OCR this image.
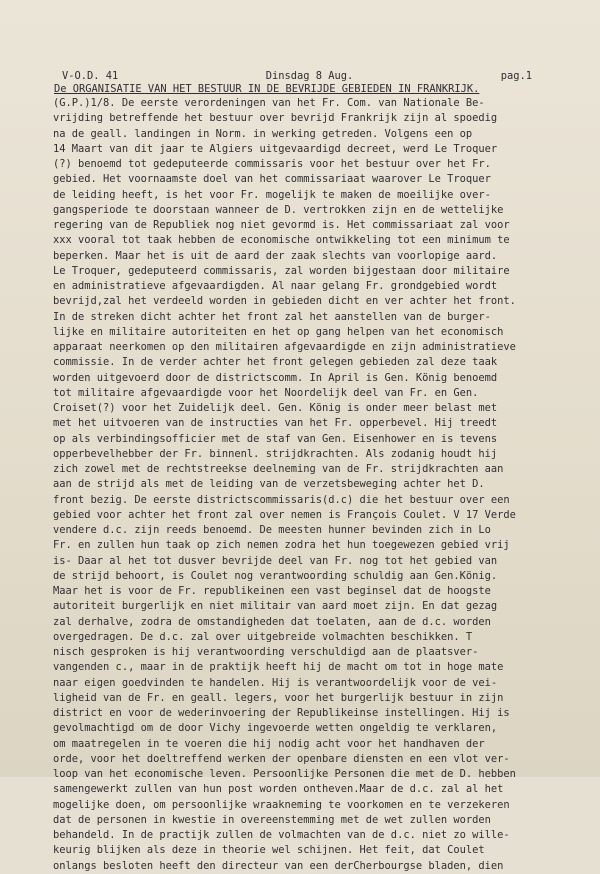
V-O.D. 41	Dinsdag 8 Aug.	pag.1
De ORGANISATIE VAN HET BESTUUR IN DE BEVRIJDE GEBIEDEN IN FRANKRIJK.
(G.P.)1/8. De eerste verordeningen van het Fr. Com. van Nationale Be-
vrijding betreffende het bestuur over bevrijd Frankrijk zijn al spoedig
na de geall. landingen in Norm. in werking getreden. Volgens een op
14 Maart van dit jaar te Algiers uitgevaardigd decreet, werd Le Troquer
(?) benoemd tot gedeputeerde commissaris voor het bestuur over het Fr.
gebied. Het voornaamste doel van het commissariaat waarover Le Troquer
de leiding heeft, is het voor Fr. mogelijk te maken de moeilijke over-
gangsperiode te doorstaan wanneer de D. vertrokken zijn en de wettelijke
regering van de Republiek nog niet gevormd is. Het commissariaat zal voor
xxx vooral tot taak hebben de economische ontwikkeling tot een minimum te
beperken. Maar het is uit de aard der zaak slechts van voorlopige aard.
Le Troquer, gedeputeerd commissaris, zal worden bijgestaan door militaire
en administratieve afgevaardigden. Al naar gelang Fr. grondgebied wordt
bevrijd,zal het verdeeld worden in gebieden dicht en ver achter het front.
In de streken dicht achter het front zal het aanstellen van de burger-
lijke en militaire autoriteiten en het op gang helpen van het economisch
apparaat neerkomen op den militairen afgevaardigde en zijn administratieve
commissie. In de verder achter het front gelegen gebieden zal deze taak
worden uitgevoerd door de districtscomm. In April is Gen. König benoemd
tot militaire afgevaardigde voor het Noordelijk deel van Fr. en Gen.
Croiset(?) voor het Zuidelijk deel. Gen. König is onder meer belast met
met het uitvoeren van de instructies van het Fr. opperbevel. Hij treedt
op als verbindingsofficier met de staf van Gen. Eisenhower en is tevens
opperbevelhebber der Fr. binnenl. strijdkrachten. Als zodanig houdt hij
zich zowel met de rechtstreekse deelneming van de Fr. strijdkrachten aan
aan de strijd als met de leiding van de verzetsbeweging achter het D.
front bezig. De eerste districtscommissaris(d.c) die het bestuur over een
gebied voor achter het front zal over nemen is François Coulet. V 17 Verde
vendere d.c. zijn reeds benoemd. De meesten hunner bevinden zich in Lo
Fr. en zullen hun taak op zich nemen zodra het hun toegewezen gebied vrij
is- Daar al het tot dusver bevrijde deel van Fr. nog tot het gebied van
de strijd behoort, is Coulet nog verantwoording schuldig aan Gen.König.
Maar het is voor de Fr. republikeinen een vast beginsel dat de hoogste
autoriteit burgerlijk en niet militair van aard moet zijn. En dat gezag
zal derhalve, zodra de omstandigheden dat toelaten, aan de d.c. worden
overgedragen. De d.c. zal over uitgebreide volmachten beschikken. T
nisch gesproken is hij verantwoording verschuldigd aan de plaatsver-
vangenden c., maar in de praktijk heeft hij de macht om tot in hoge mate
naar eigen goedvinden te handelen. Hij is verantwoordelijk voor de vei-
ligheid van de Fr. en geall. legers, voor het burgerlijk bestuur in zijn
district en voor de wederinvoering der Republikeinse instellingen. Hij is
gevolmachtigd om de door Vichy ingevoerde wetten ongeldig te verklaren,
om maatregelen in te voeren die hij nodig acht voor het handhaven der
orde, voor het doeltreffend werken der openbare diensten en een vlot ver-
loop van het economische leven. Persoonlijke Personen die met de D. hebben
samengewerkt zullen van hun post worden ontheven.Maar de d.c. zal al het
mogelijke doen, om persoonlijke wraakneming te voorkomen en te verzekeren
dat de personen in kwestie in overeenstemming met de wet zullen worden
behandeld. In de practijk zullen de volmachten van de d.c. niet zo wille-
keurig blijken als deze in theorie wel schijnen. Het feit, dat Coulet
onlangs besloten heeft den directeur van een derCherbourgse bladen, dien
